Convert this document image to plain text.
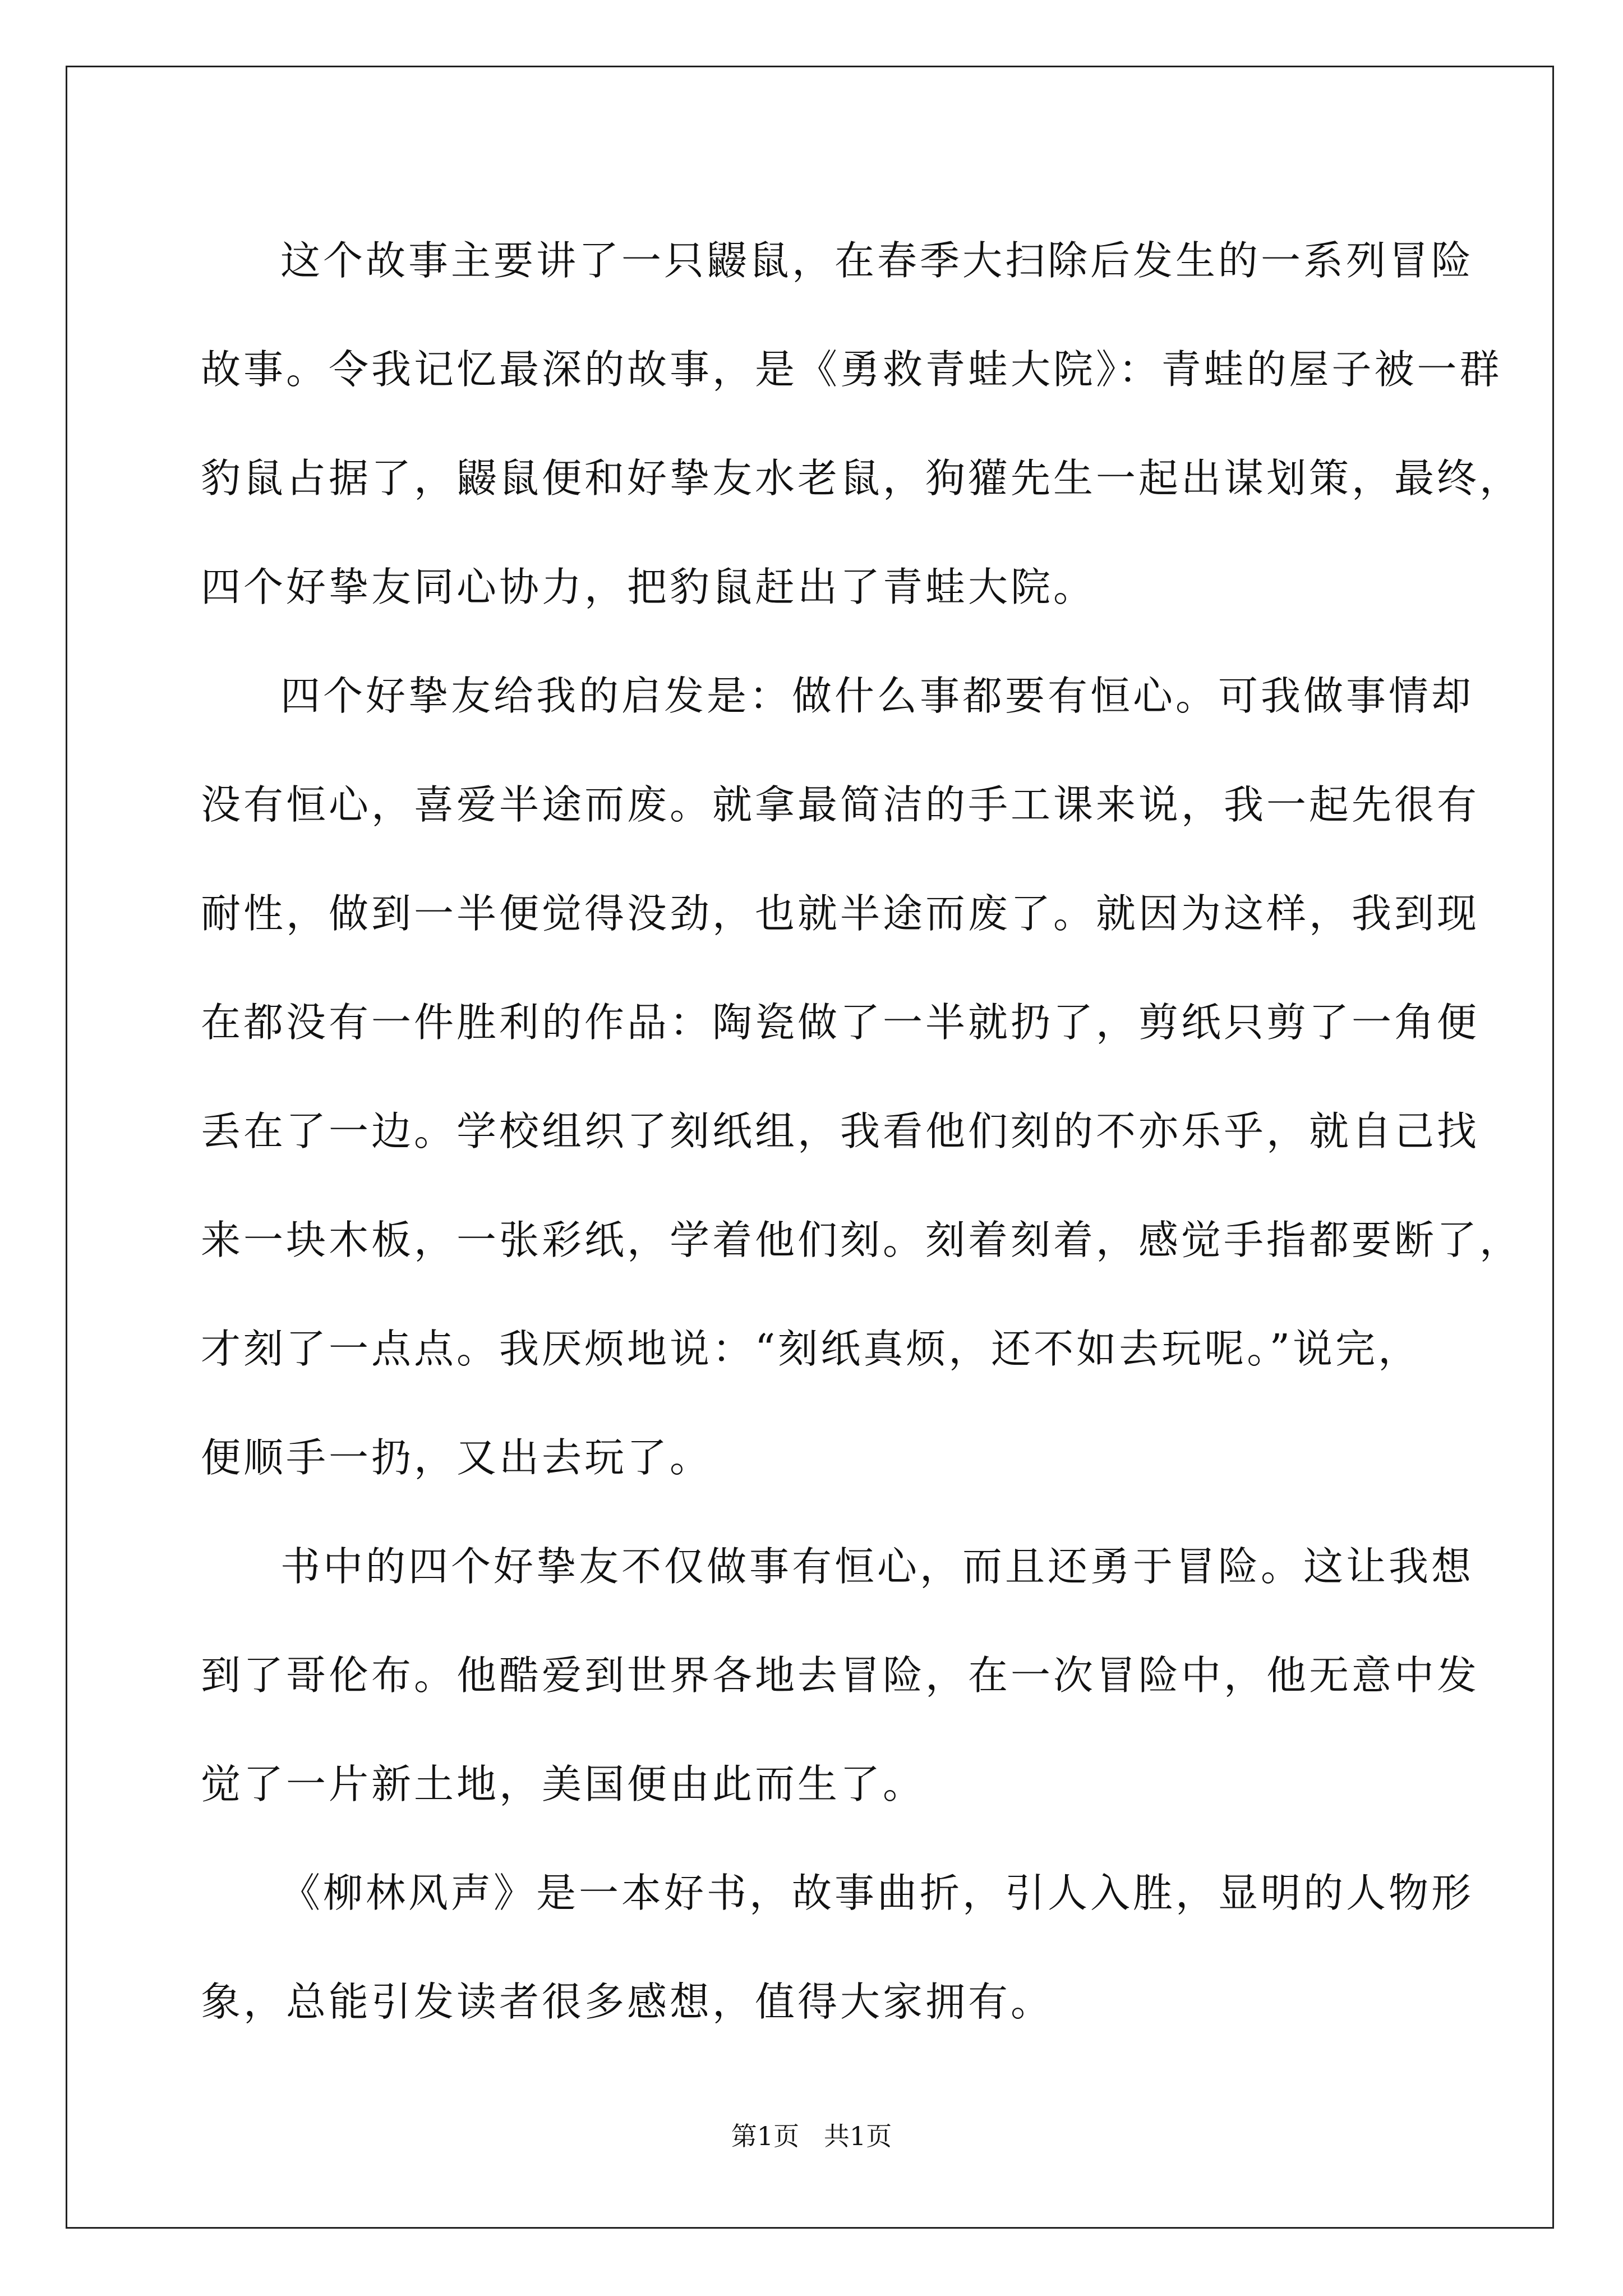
这个故事主要讲了一只鼹鼠，在春季大扫除后发生的一系列冒险
故事。令我记忆最深的故事，是《勇救青蛙大院》：青蛙的屋子被一群
豹鼠占据了，鼹鼠便和好挚友水老鼠，狗獾先生一起出谋划策，最终，
四个好挚友同心协力，把豹鼠赶出了青蛙大院。
四个好挚友给我的启发是：做什么事都要有恒心。可我做事情却
没有恒心，喜爱半途而废。就拿最简洁的手工课来说，我一起先很有
耐性，做到一半便觉得没劲，也就半途而废了。就因为这样，我到现
在都没有一件胜利的作品：陶瓷做了一半就扔了，剪纸只剪了一角便
丢在了一边。学校组织了刻纸组，我看他们刻的不亦乐乎，就自己找
来一块木板，一张彩纸，学着他们刻。刻着刻着，感觉手指都要断了，
才刻了一点点。我厌烦地说：“刻纸真烦，还不如去玩呢。”说完，
便顺手一扔，又出去玩了。
书中的四个好挚友不仅做事有恒心，而且还勇于冒险。这让我想
到了哥伦布。他酷爱到世界各地去冒险，在一次冒险中，他无意中发
觉了一片新土地，美国便由此而生了。
《柳林风声》是一本好书，故事曲折，引人入胜，显明的人物形
象，总能引发读者很多感想，值得大家拥有。
第1页   共1页
